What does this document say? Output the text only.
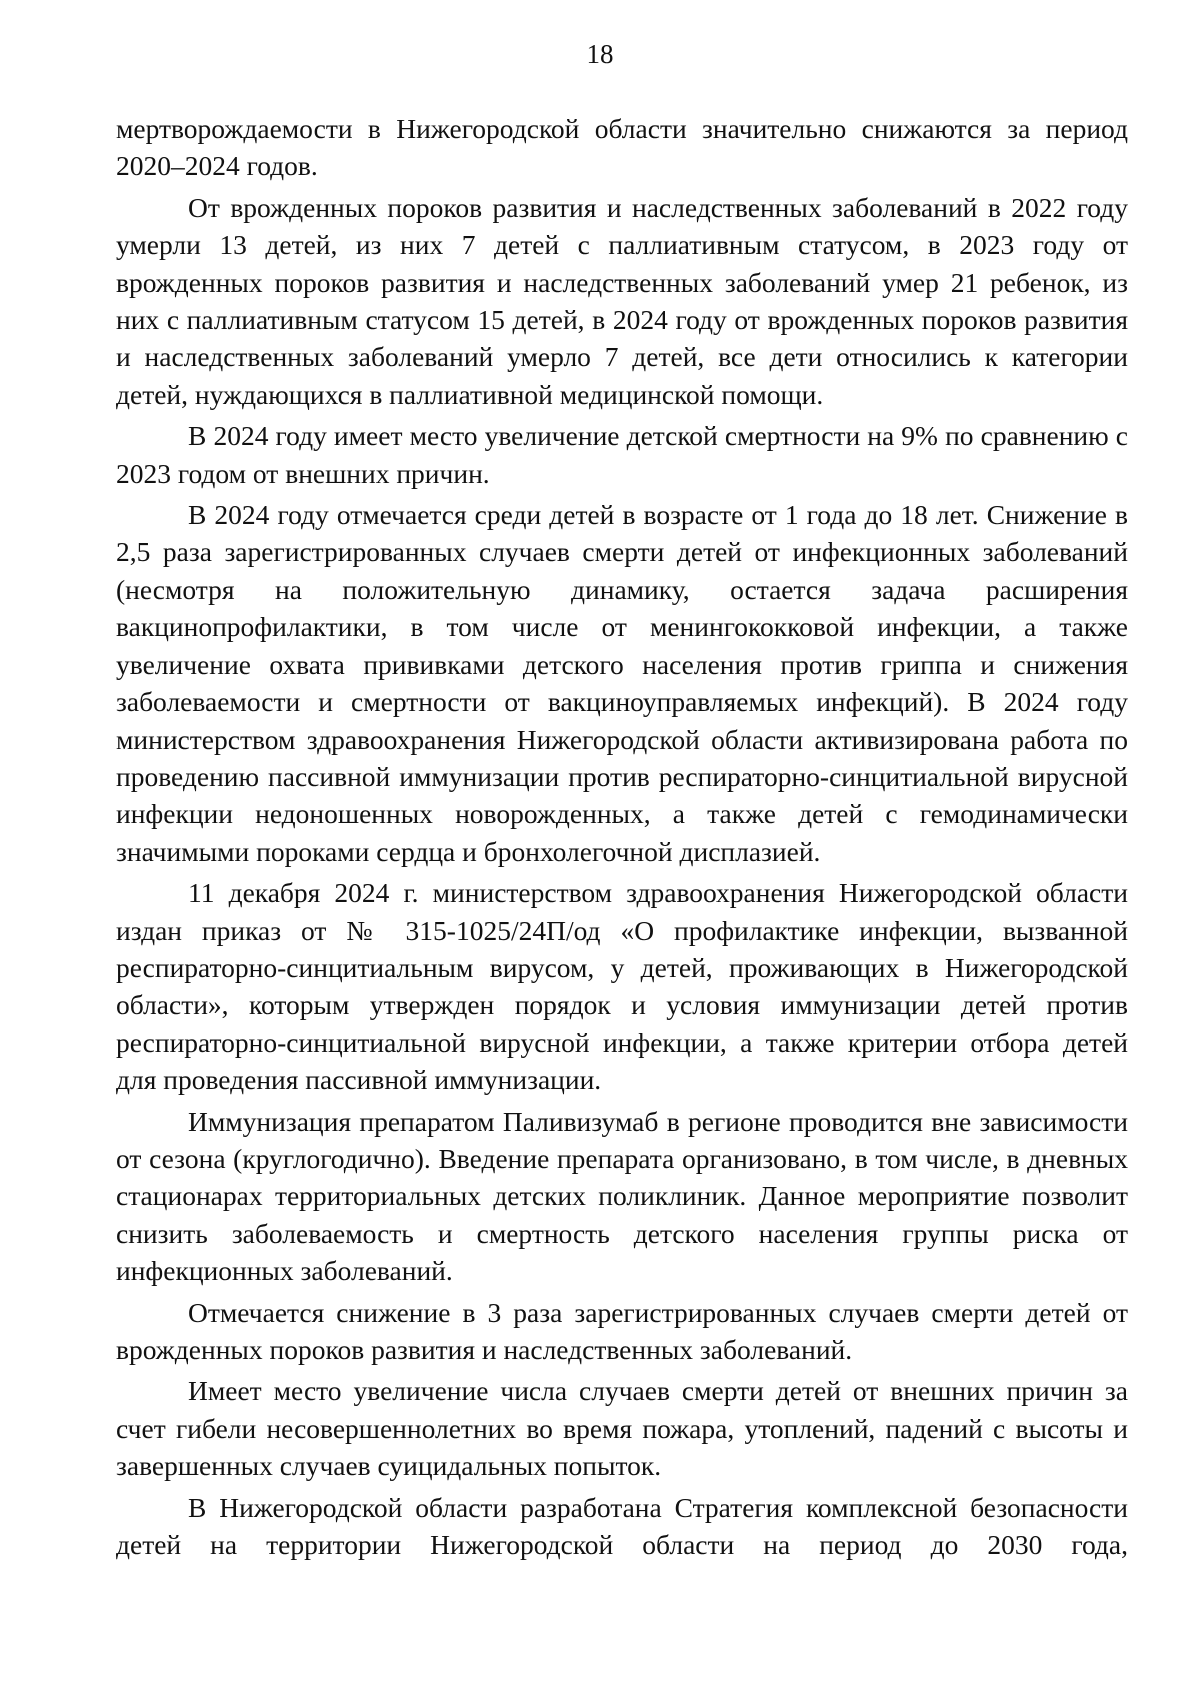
18

мертворождаемости в Нижегородской области значительно снижаются за период 2020–2024 годов.

От врожденных пороков развития и наследственных заболеваний в 2022 году умерли 13 детей, из них 7 детей с паллиативным статусом, в 2023 году от врожденных пороков развития и наследственных заболеваний умер 21 ребенок, из них с паллиативным статусом 15 детей, в 2024 году от врожденных пороков развития и наследственных заболеваний умерло 7 детей, все дети относились к категории детей, нуждающихся в паллиативной медицинской помощи.

В 2024 году имеет место увеличение детской смертности на 9% по сравнению с 2023 годом от внешних причин.

В 2024 году отмечается среди детей в возрасте от 1 года до 18 лет. Снижение в 2,5 раза зарегистрированных случаев смерти детей от инфекционных заболеваний (несмотря на положительную динамику, остается задача расширения вакцинопрофилактики, в том числе от менингококковой инфекции, а также увеличение охвата прививками детского населения против гриппа и снижения заболеваемости и смертности от вакциноуправляемых инфекций). В 2024 году министерством здравоохранения Нижегородской области активизирована работа по проведению пассивной иммунизации против респираторно-синцитиальной вирусной инфекции недоношенных новорожденных, а также детей с гемодинамически значимыми пороками сердца и бронхолегочной дисплазией.

11 декабря 2024 г. министерством здравоохранения Нижегородской области издан приказ от № 315-1025/24П/од «О профилактике инфекции, вызванной респираторно-синцитиальным вирусом, у детей, проживающих в Нижегородской области», которым утвержден порядок и условия иммунизации детей против респираторно-синцитиальной вирусной инфекции, а также критерии отбора детей для проведения пассивной иммунизации.

Иммунизация препаратом Паливизумаб в регионе проводится вне зависимости от сезона (круглогодично). Введение препарата организовано, в том числе, в дневных стационарах территориальных детских поликлиник. Данное мероприятие позволит снизить заболеваемость и смертность детского населения группы риска от инфекционных заболеваний.

Отмечается снижение в 3 раза зарегистрированных случаев смерти детей от врожденных пороков развития и наследственных заболеваний.

Имеет место увеличение числа случаев смерти детей от внешних причин за счет гибели несовершеннолетних во время пожара, утоплений, падений с высоты и завершенных случаев суицидальных попыток.

В Нижегородской области разработана Стратегия комплексной безопасности детей на территории Нижегородской области на период до 2030 года,
